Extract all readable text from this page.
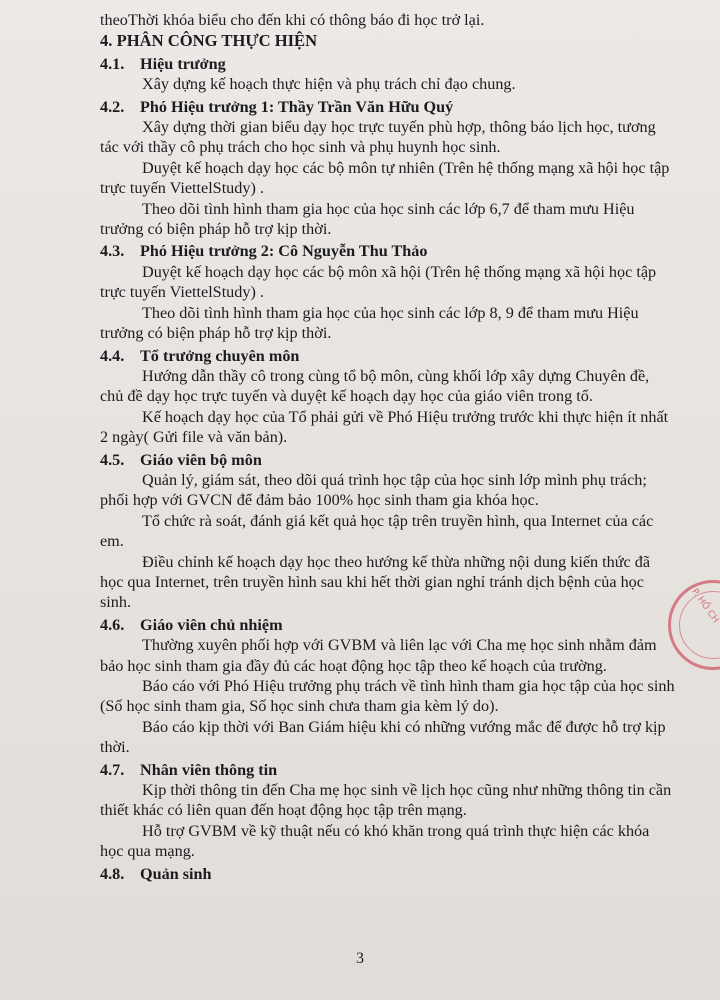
theoThời khóa biểu cho đến khi có thông báo đi học trở lại.

4. PHÂN CÔNG THỰC HIỆN

4.1. Hiệu trưởng

Xây dựng kế hoạch thực hiện và phụ trách chỉ đạo chung.

4.2. Phó Hiệu trưởng 1: Thầy Trần Văn Hữu Quý

Xây dựng thời gian biểu dạy học trực tuyến phù hợp, thông báo lịch học, tương tác với thầy cô phụ trách cho học sinh và phụ huynh học sinh.

Duyệt kế hoạch dạy học các bộ môn tự nhiên (Trên hệ thống mạng xã hội học tập trực tuyến ViettelStudy) .

Theo dõi tình hình tham gia học của học sinh các lớp 6,7 để tham mưu Hiệu trưởng có biện pháp hỗ trợ kịp thời.

4.3. Phó Hiệu trưởng 2: Cô Nguyễn Thu Thảo

Duyệt kế hoạch dạy học các bộ môn xã hội (Trên hệ thống mạng xã hội học tập trực tuyến ViettelStudy) .

Theo dõi tình hình tham gia học của học sinh các lớp 8, 9 để tham mưu Hiệu trưởng có biện pháp hỗ trợ kịp thời.

4.4. Tổ trưởng chuyên môn

Hướng dẫn thầy cô trong cùng tổ bộ môn, cùng khối lớp xây dựng Chuyên đề, chủ đề dạy học trực tuyến và duyệt kế hoạch dạy học của giáo viên trong tổ.

Kế hoạch dạy học của Tổ phải gửi về Phó Hiệu trưởng trước khi thực hiện ít nhất 2 ngày( Gửi file và văn bản).

4.5. Giáo viên bộ môn

Quản lý, giám sát, theo dõi quá trình học tập của học sinh lớp mình phụ trách; phối hợp với GVCN để đảm bảo 100% học sinh tham gia khóa học.

Tổ chức rà soát, đánh giá kết quả học tập trên truyền hình, qua Internet của các em.

Điều chỉnh kế hoạch dạy học theo hướng kế thừa những nội dung kiến thức đã học qua Internet, trên truyền hình sau khi hết thời gian nghỉ tránh dịch bệnh của học sinh.

4.6. Giáo viên chủ nhiệm

Thường xuyên phối hợp với GVBM và liên lạc với Cha mẹ học sinh nhằm đảm bảo học sinh tham gia đầy đủ các hoạt động học tập theo kế hoạch của trường.

Báo cáo với Phó Hiệu trưởng phụ trách về tình hình tham gia học tập của học sinh (Số học sinh tham gia, Số học sinh chưa tham gia kèm lý do).

Báo cáo kịp thời với Ban Giám hiệu khi có những vướng mắc để được hỗ trợ kịp thời.

4.7. Nhân viên thông tin

Kịp thời thông tin đến Cha mẹ học sinh về lịch học cũng như những thông tin cần thiết khác có liên quan đến hoạt động học tập trên mạng.

Hỗ trợ GVBM về kỹ thuật nếu có khó khăn trong quá trình thực hiện các khóa học qua mạng.

4.8. Quản sinh

3
P. HỒ CH
